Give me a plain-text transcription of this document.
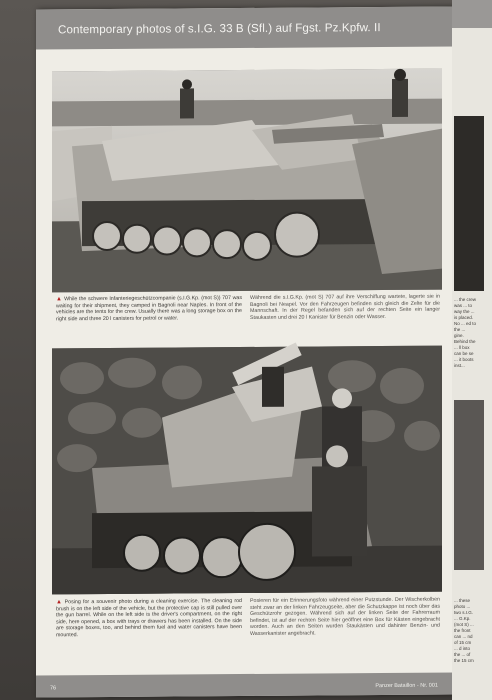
Contemporary photos of s.I.G. 33 B (Sfl.) auf Fgst. Pz.Kpfw. II
▲ While the schwere Infanteriegeschützcompanie (s.I.G.Kp. (mot S)) 707 was waiting for their shipment, they camped in Bagnoli near Naples. In front of the vehicles are the tents for the crew. Usually there was a long storage box on the right side and three 20 l canisters for petrol or water.
Während die s.I.G.Kp. (mot S) 707 auf ihre Verschiffung wartete, lagerte sie in Bagnoli bei Neapel. Vor den Fahrzeugen befinden sich gleich die Zelte für die Mannschaft. In der Regel befanden sich auf der rechten Seite ein langer Staukasten und drei 20 l Kanister für Benzin oder Wasser.
▲ Posing for a souvenir photo during a cleaning exercise. The cleaning rod brush is on the left side of the vehicle, but the protective cap is still pulled over the gun barrel. While on the left side is the driver's compartment, on the right side, here opened, a box with trays or drawers has been installed. On the side are storage boxes, too, and behind them fuel and water canisters have been mounted.
Posieren für ein Erinnerungsfoto während einer Putzstunde. Der Wischerkolben steht zwar an der linken Fahrzeugseite, aber die Schutzkappe ist noch über das Geschützrohr gezogen. Während sich auf der linken Seite der Fahrerraum befindet, ist auf der rechten Seite hier geöffnet eine Box für Kästen eingebracht worden. Auch an den Seiten wurden Staukästen und dahinter Benzin- und Wasserkanister angebracht.
76	Panzer Bataillon - Nr. 001
... the crew was ... to way the ... is placed. No ... ed to the ... gine. Behind the ... ll box can be se ... it boots inst...
... these photo ... two s.I.G. ... G.Kp. (mot S) ... the front can ... nd of 15 cm ... d into the ... of the 15 cm
